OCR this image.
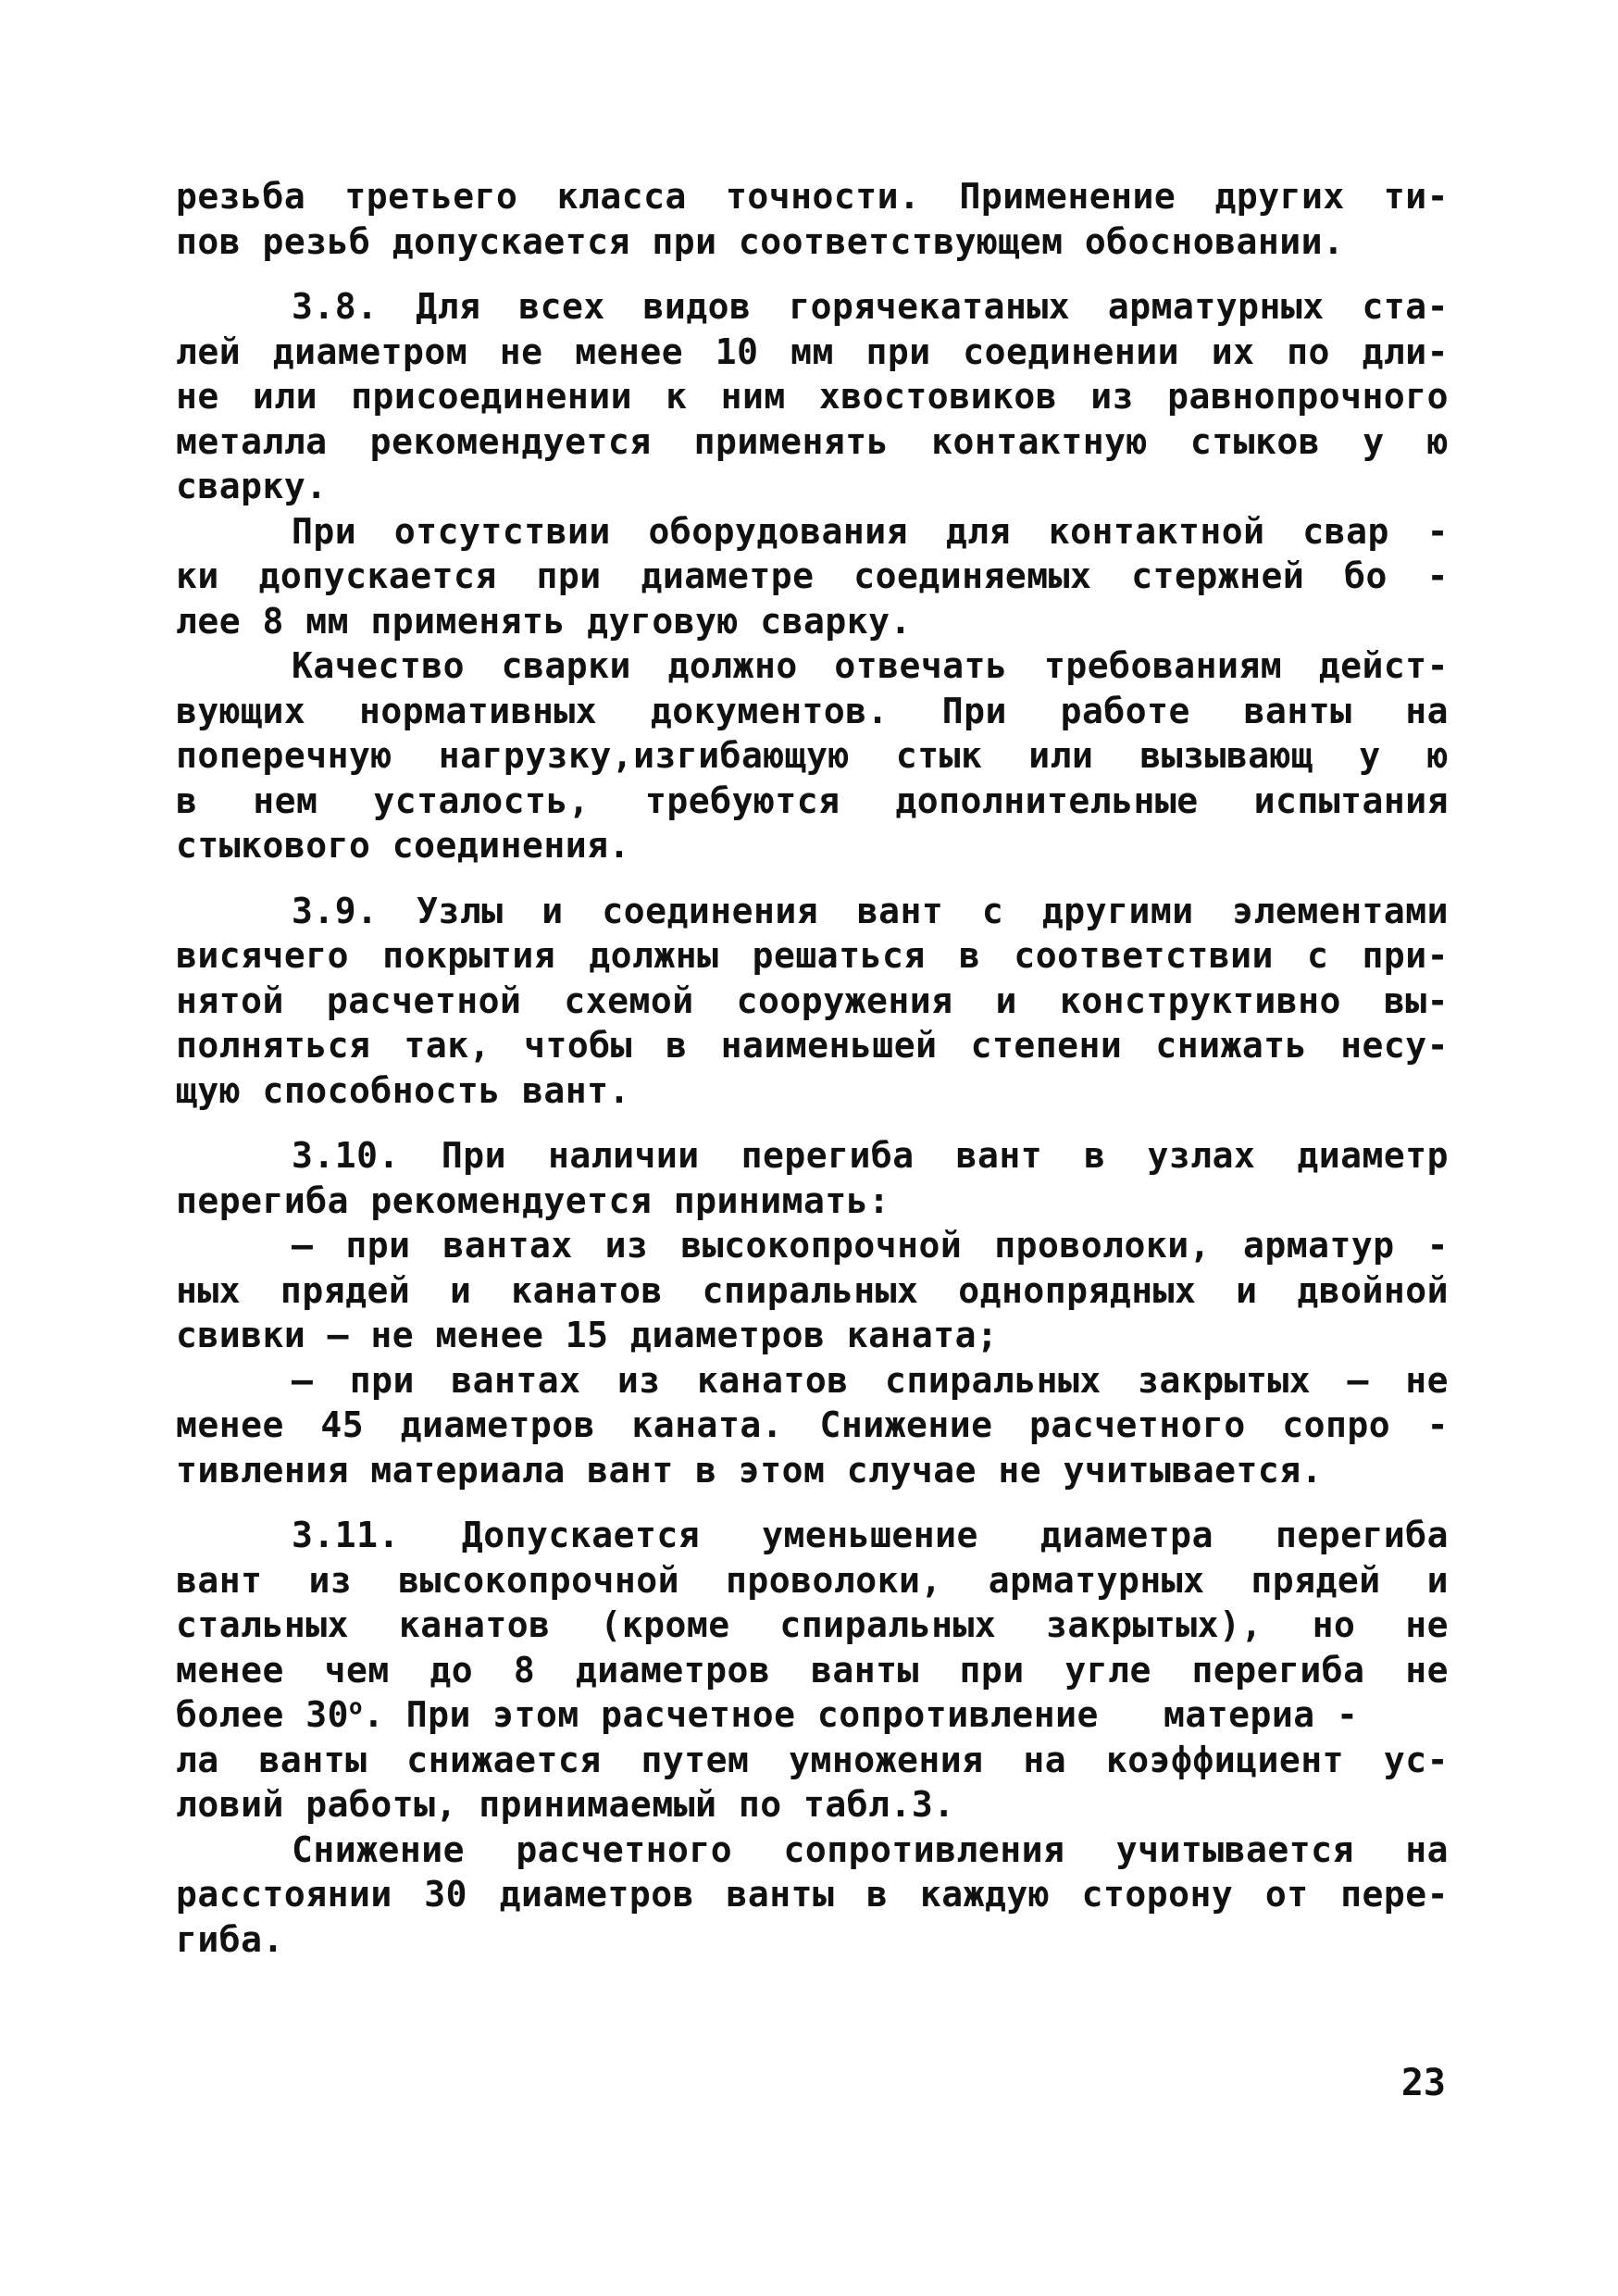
резьба третьего класса точности. Применение других ти-
пов резьб допускается при соответствующем обосновании.
3.8. Для всех видов горячекатаных арматурных ста-
лей диаметром не менее 10 мм при соединении их по дли-
не или присоединении к ним хвостовиков из равнопрочного
металла рекомендуется применять контактную стыков у ю
сварку.
При отсутствии оборудования для контактной свар -
ки допускается при диаметре соединяемых стержней бо -
лее 8 мм применять дуговую сварку.
Качество сварки должно отвечать требованиям дейст-
вующих нормативных документов. При работе ванты на
поперечную нагрузку,изгибающую стык или вызывающ у ю
в нем усталость, требуются дополнительные испытания
стыкового соединения.
3.9. Узлы и соединения вант с другими элементами
висячего покрытия должны решаться в соответствии с при-
нятой расчетной схемой сооружения и конструктивно вы-
полняться так, чтобы в наименьшей степени снижать несу-
щую способность вант.
3.10. При наличии перегиба вант в узлах диаметр
перегиба рекомендуется принимать:
– при вантах из высокопрочной проволоки, арматур -
ных прядей и канатов спиральных однопрядных и двойной
свивки – не менее 15 диаметров каната;
– при вантах из канатов спиральных закрытых – не
менее 45 диаметров каната. Снижение расчетного сопро -
тивления материала вант в этом случае не учитывается.
3.11. Допускается уменьшение диаметра перегиба
вант из высокопрочной проволоки, арматурных прядей и
стальных канатов (кроме спиральных закрытых), но не
менее чем до 8 диаметров ванты при угле перегиба не
более $30^о$. При этом расчетное сопротивление   материа -
ла ванты снижается путем умножения на коэффициент ус-
ловий работы, принимаемый по табл.3.
Снижение расчетного сопротивления учитывается на
расстоянии 30 диаметров ванты в каждую сторону от пере-
гиба.
23
